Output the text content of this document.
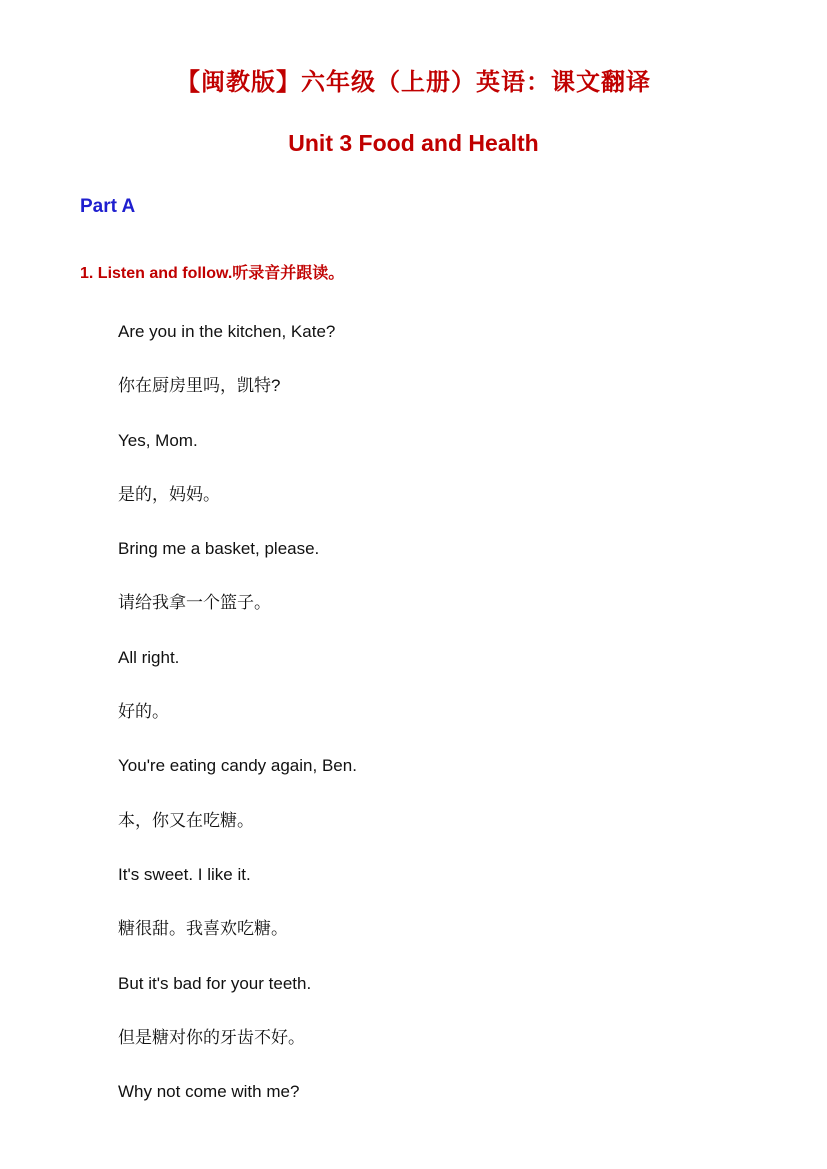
【闽教版】六年级（上册）英语：课文翻译
Unit 3 Food and Health
Part A
1. Listen and follow.听录音并跟读。
Are you in the kitchen, Kate?
你在厨房里吗，凯特?
Yes, Mom.
是的，妈妈。
Bring me a basket, please.
请给我拿一个篮子。
All right.
好的。
You're eating candy again, Ben.
本，你又在吃糖。
It's sweet. I like it.
糖很甜。我喜欢吃糖。
But it's bad for your teeth.
但是糖对你的牙齿不好。
Why not come with me?
